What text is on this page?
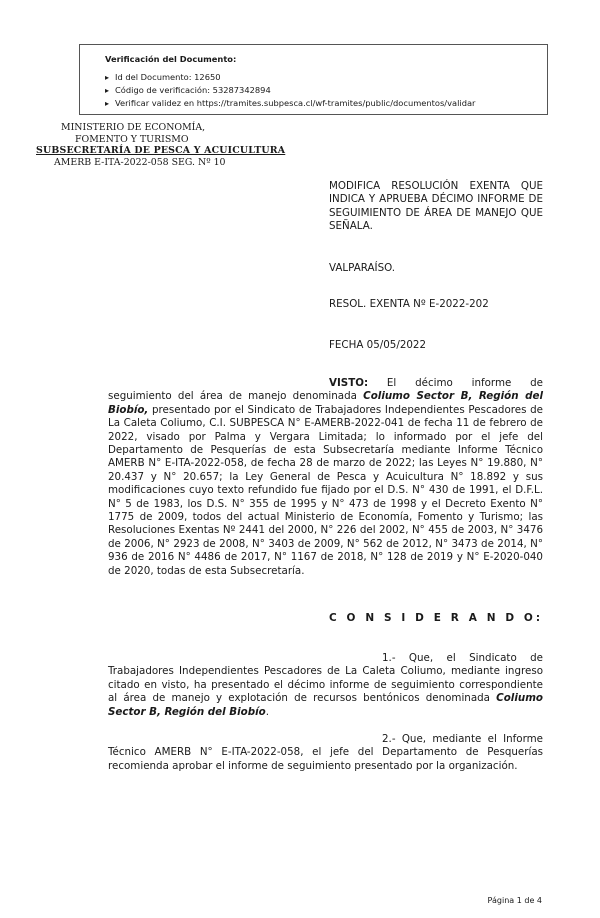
Verificación del Documento:
▸ Id del Documento: 12650
▸ Código de verificación: 53287342894
▸ Verificar validez en https://tramites.subpesca.cl/wf-tramites/public/documentos/validar
MINISTERIO DE ECONOMÍA,
FOMENTO Y TURISMO
SUBSECRETARÍA DE PESCA Y ACUICULTURA
AMERB E-ITA-2022-058 SEG. Nº 10
MODIFICA RESOLUCIÓN EXENTA QUE INDICA Y APRUEBA DÉCIMO INFORME DE SEGUIMIENTO DE ÁREA DE MANEJO QUE SEÑALA.
VALPARAÍSO.
RESOL. EXENTA Nº E-2022-202
FECHA 05/05/2022
VISTO: El décimo informe de seguimiento del área de manejo denominada Coliumo Sector B, Región del Biobío, presentado por el Sindicato de Trabajadores Independientes Pescadores de La Caleta Coliumo, C.I. SUBPESCA N° E-AMERB-2022-041 de fecha 11 de febrero de 2022, visado por Palma y Vergara Limitada; lo informado por el jefe del Departamento de Pesquerías de esta Subsecretaría mediante Informe Técnico AMERB N° E-ITA-2022-058, de fecha 28 de marzo de 2022; las Leyes N° 19.880, N° 20.437 y N° 20.657; la Ley General de Pesca y Acuicultura N° 18.892 y sus modificaciones cuyo texto refundido fue fijado por el D.S. N° 430 de 1991, el D.F.L. N° 5 de 1983, los D.S. N° 355 de 1995 y N° 473 de 1998 y el Decreto Exento N° 1775 de 2009, todos del actual Ministerio de Economía, Fomento y Turismo; las Resoluciones Exentas Nº 2441 del 2000, N° 226 del 2002, N° 455 de 2003, N° 3476 de 2006, N° 2923 de 2008, N° 3403 de 2009, N° 562 de 2012, N° 3473 de 2014, N° 936 de 2016 N° 4486 de 2017, N° 1167 de 2018, N° 128 de 2019 y N° E-2020-040 de 2020, todas de esta Subsecretaría.
C O N S I D E R A N D O:
1.- Que, el Sindicato de Trabajadores Independientes Pescadores de La Caleta Coliumo, mediante ingreso citado en visto, ha presentado el décimo informe de seguimiento correspondiente al área de manejo y explotación de recursos bentónicos denominada Coliumo Sector B, Región del Biobío.
2.- Que, mediante el Informe Técnico AMERB N° E-ITA-2022-058, el jefe del Departamento de Pesquerías recomienda aprobar el informe de seguimiento presentado por la organización.
Página 1 de 4
